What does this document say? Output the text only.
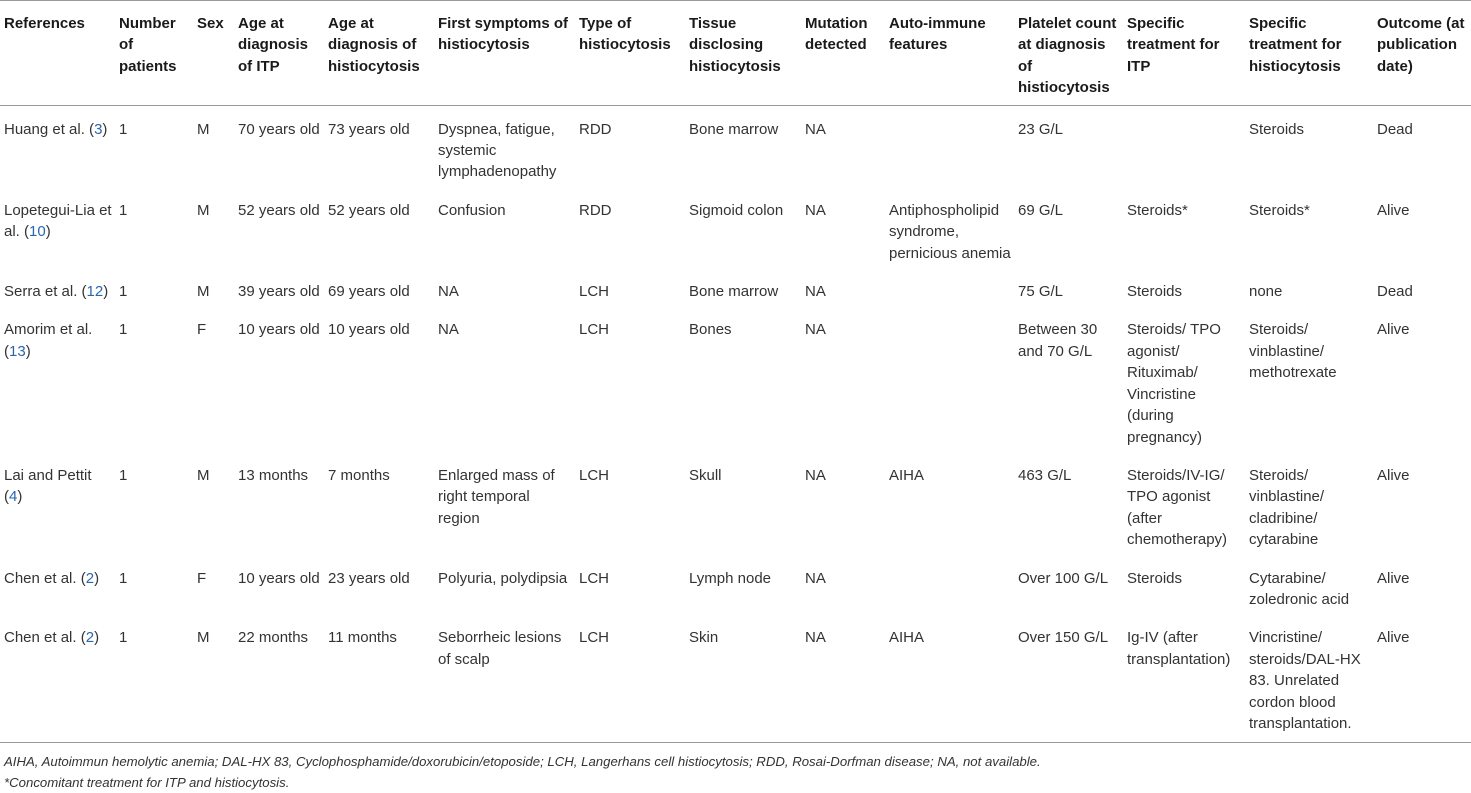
References	Number of patients	Sex	Age at diagnosis of ITP	Age at diagnosis of histiocytosis	First symptoms of histiocytosis	Type of histiocytosis	Tissue disclosing histiocytosis	Mutation detected	Auto-immune features	Platelet count at diagnosis of histiocytosis	Specific treatment for ITP	Specific treatment for histiocytosis	Outcome (at publication date)
Huang et al. (3)	1	M	70 years old	73 years old	Dyspnea, fatigue, systemic lymphadenopathy	RDD	Bone marrow	NA		23 G/L		Steroids	Dead
Lopetegui-Lia et al. (10)	1	M	52 years old	52 years old	Confusion	RDD	Sigmoid colon	NA	Antiphospholipid syndrome, pernicious anemia	69 G/L	Steroids*	Steroids*	Alive
Serra et al. (12)	1	M	39 years old	69 years old	NA	LCH	Bone marrow	NA		75 G/L	Steroids	none	Dead
Amorim et al. (13)	1	F	10 years old	10 years old	NA	LCH	Bones	NA		Between 30 and 70 G/L	Steroids/ TPO agonist/ Rituximab/ Vincristine (during pregnancy)	Steroids/ vinblastine/ methotrexate	Alive
Lai and Pettit (4)	1	M	13 months	7 months	Enlarged mass of right temporal region	LCH	Skull	NA	AIHA	463 G/L	Steroids/IV-IG/ TPO agonist (after chemotherapy)	Steroids/ vinblastine/ cladribine/ cytarabine	Alive
Chen et al. (2)	1	F	10 years old	23 years old	Polyuria, polydipsia	LCH	Lymph node	NA		Over 100 G/L	Steroids	Cytarabine/ zoledronic acid	Alive
Chen et al. (2)	1	M	22 months	11 months	Seborrheic lesions of scalp	LCH	Skin	NA	AIHA	Over 150 G/L	Ig-IV (after transplantation)	Vincristine/ steroids/DAL-HX 83. Unrelated cordon blood transplantation.	Alive
AIHA, Autoimmun hemolytic anemia; DAL-HX 83, Cyclophosphamide/doxorubicin/etoposide; LCH, Langerhans cell histiocytosis; RDD, Rosai-Dorfman disease; NA, not available.
*Concomitant treatment for ITP and histiocytosis.
